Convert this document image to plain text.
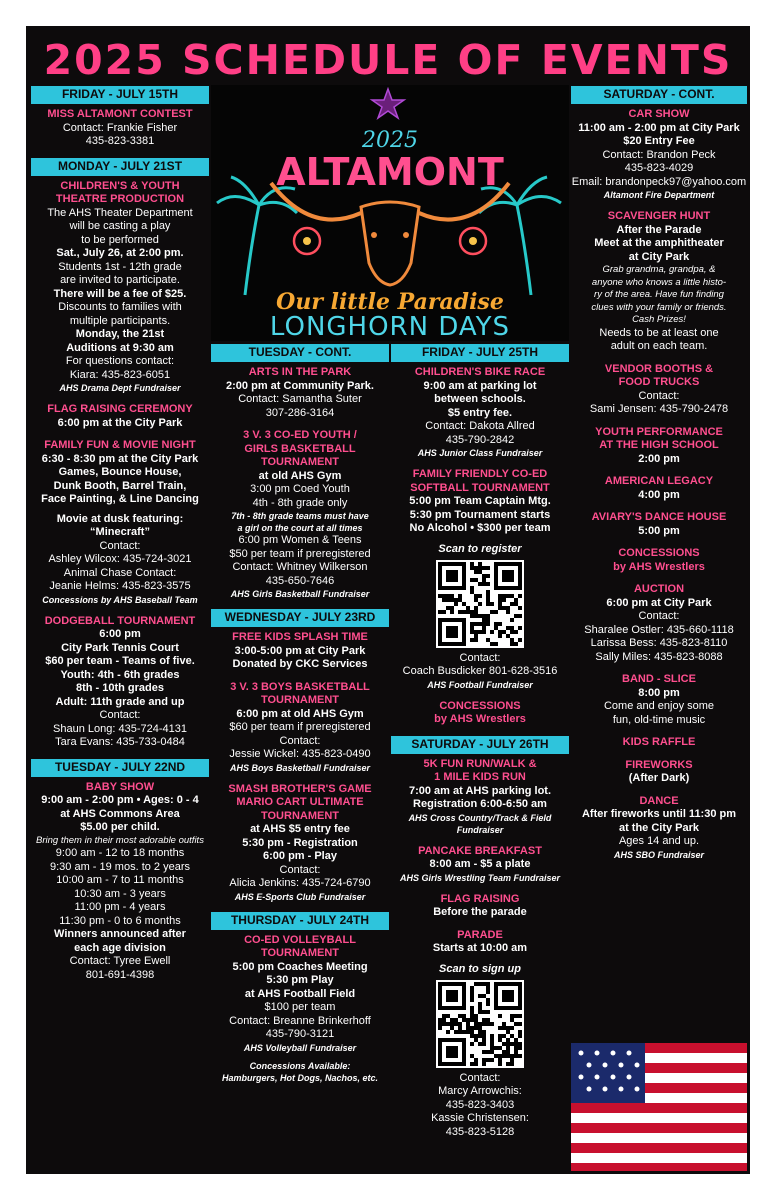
2025 SCHEDULE OF EVENTS
FRIDAY - JULY 15TH
MISS ALTAMONT CONTEST
Contact: Frankie Fisher
435-823-3381
MONDAY - JULY 21ST
CHILDREN'S & YOUTH
THEATRE PRODUCTION
The AHS Theater Department
will be casting a play
to be performed
Sat., July 26, at 2:00 pm.
Students 1st - 12th grade
are invited to participate.
There will be a fee of $25.
Discounts to families with
multiple participants.
Monday, the 21st
Auditions at 9:30 am
For questions contact:
Kiara: 435-823-6051
AHS Drama Dept Fundraiser
FLAG RAISING CEREMONY
6:00 pm at the City Park
FAMILY FUN & MOVIE NIGHT
6:30 - 8:30 pm at the City Park
Games, Bounce House,
Dunk Booth, Barrel Train,
Face Painting, & Line Dancing
Movie at dusk featuring:
“Minecraft”
Contact:
Ashley Wilcox: 435-724-3021
Animal Chase Contact:
Jeanie Helms: 435-823-3575
Concessions by AHS Baseball Team
DODGEBALL TOURNAMENT
6:00 pm
City Park Tennis Court
$60 per team - Teams of five.
Youth: 4th - 6th grades
8th - 10th grades
Adult: 11th grade and up
Contact:
Shaun Long: 435-724-4131
Tara Evans: 435-733-0484
TUESDAY - JULY 22ND
BABY SHOW
9:00 am - 2:00 pm • Ages: 0 - 4
at AHS Commons Area
$5.00 per child.
Bring them in their most adorable outfits
9:00 am - 12 to 18 months
9:30 am - 19 mos. to 2 years
10:00 am - 7 to 11 months
10:30 am - 3 years
11:00 pm - 4 years
11:30 pm - 0 to 6 months
Winners announced after
each age division
Contact: Tyree Ewell
801-691-4398
2025
ALTAMONT
Our little Paradise
LONGHORN DAYS
TUESDAY - CONT.
ARTS IN THE PARK
2:00 pm at Community Park.
Contact: Samantha Suter
307-286-3164
3 V. 3 CO-ED YOUTH /
GIRLS BASKETBALL
TOURNAMENT
at old AHS Gym
3:00 pm Coed Youth
4th - 8th grade only
7th - 8th grade teams must have
a girl on the court at all times
6:00 pm Women & Teens
$50 per team if preregistered
Contact: Whitney Wilkerson
435-650-7646
AHS Girls Basketball Fundraiser
WEDNESDAY - JULY 23RD
FREE KIDS SPLASH TIME
3:00-5:00 pm at City Park
Donated by CKC Services
3 V. 3 BOYS BASKETBALL
TOURNAMENT
6:00 pm at old AHS Gym
$60 per team if preregistered
Contact:
Jessie Wickel: 435-823-0490
AHS Boys Basketball Fundraiser
SMASH BROTHER'S GAME
MARIO CART ULTIMATE
TOURNAMENT
at AHS $5 entry fee
5:30 pm - Registration
6:00 pm - Play
Contact:
Alicia Jenkins: 435-724-6790
AHS E-Sports Club Fundraiser
THURSDAY - JULY 24TH
CO-ED VOLLEYBALL
TOURNAMENT
5:00 pm Coaches Meeting
5:30 pm Play
at AHS Football Field
$100 per team
Contact: Breanne Brinkerhoff
435-790-3121
AHS Volleyball Fundraiser
Concessions Available:
Hamburgers, Hot Dogs, Nachos, etc.
FRIDAY - JULY 25TH
CHILDREN'S BIKE RACE
9:00 am at parking lot
between schools.
$5 entry fee.
Contact: Dakota Allred
435-790-2842
AHS Junior Class Fundraiser
FAMILY FRIENDLY CO-ED
SOFTBALL TOURNAMENT
5:00 pm Team Captain Mtg.
5:30 pm Tournament starts
No Alcohol • $300 per team
Scan to register
Contact:
Coach Busdicker 801-628-3516
AHS Football Fundraiser
CONCESSIONS
by AHS Wrestlers
SATURDAY - JULY 26TH
5K FUN RUN/WALK &
1 MILE KIDS RUN
7:00 am at AHS parking lot.
Registration 6:00-6:50 am
AHS Cross Country/Track & Field Fundraiser
PANCAKE BREAKFAST
8:00 am - $5 a plate
AHS Girls Wrestling Team Fundraiser
FLAG RAISING
Before the parade
PARADE
Starts at 10:00 am
Scan to sign up
Contact:
Marcy Arrowchis:
435-823-3403
Kassie Christensen:
435-823-5128
SATURDAY - CONT.
CAR SHOW
11:00 am - 2:00 pm at City Park
$20 Entry Fee
Contact: Brandon Peck
435-823-4029
Email: brandonpeck97@yahoo.com
Altamont Fire Department
SCAVENGER HUNT
After the Parade
Meet at the amphitheater
at City Park
Grab grandma, grandpa, &
anyone who knows a little histo-
ry of the area. Have fun finding
clues with your family or friends.
Cash Prizes!
Needs to be at least one
adult on each team.
VENDOR BOOTHS &
FOOD TRUCKS
Contact:
Sami Jensen: 435-790-2478
YOUTH PERFORMANCE
AT THE HIGH SCHOOL
2:00 pm
AMERICAN LEGACY
4:00 pm
AVIARY'S DANCE HOUSE
5:00 pm
CONCESSIONS
by AHS Wrestlers
AUCTION
6:00 pm at City Park
Contact:
Sharalee Ostler: 435-660-1118
Larissa Bess: 435-823-8110
Sally Miles: 435-823-8088
BAND - SLICE
8:00 pm
Come and enjoy some
fun, old-time music
KIDS RAFFLE
FIREWORKS
(After Dark)
DANCE
After fireworks until 11:30 pm
at the City Park
Ages 14 and up.
AHS SBO Fundraiser
